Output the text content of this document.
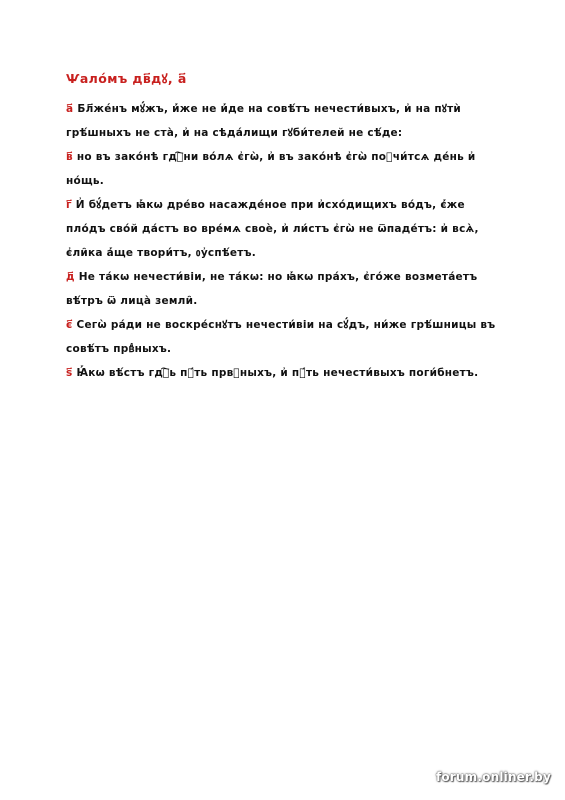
Ѱалóмъ дв҃дꙋ, а҃

а҃ Бл҃жéнъ мꙋ́жъ, и҆́же не и҆́де на совѣ́тъ нечести́выхъ, и҆ на пꙋтѝ грѣ́шныхъ не ста̀, и҆ на сѣда́лищи гꙋби́телей не сѣ́де:

в҃ но въ зако́нѣ гдⷭ҇ни во́лѧ є҆гѡ̀, и҆ въ зако́нѣ є҆гѡ̀ поꙋчи́тсѧ де́нь и҆ но́щь.

г҃ И҆ бꙋ́детъ ꙗ҆́кѡ дре́во насажде́ное при и҆схо́дищихъ во́дъ, є҆́же пло́дъ сво́й да́стъ во вре́мѧ своѐ, и҆ ли́стъ є҆гѡ̀ не ѿпаде́тъ: и҆ всѧ̀, є҆ли̑ка а҆́ще твори́тъ, ᲂу҆спѣ́етъ.

д҃ Не та́кѡ нечести́віи, не та́кѡ: но ꙗ҆́кѡ пра́хъ, є҆го́же возмета́етъ вѣ́тръ ѿ лица̀ земли̑.

є҃ Сегѡ̀ ра́ди не воскре́снꙋтъ нечести́віи на сꙋ́дъ, ни́же грѣ́шницы въ совѣ́тъ првⷣныхъ.

ѕ҃ Ꙗ҆́кѡ вѣ́стъ гдⷭ҇ь пꙋ́ть првⷣныхъ, и҆ пꙋ́ть нечести́выхъ поги́бнетъ.

forum.onliner.by
